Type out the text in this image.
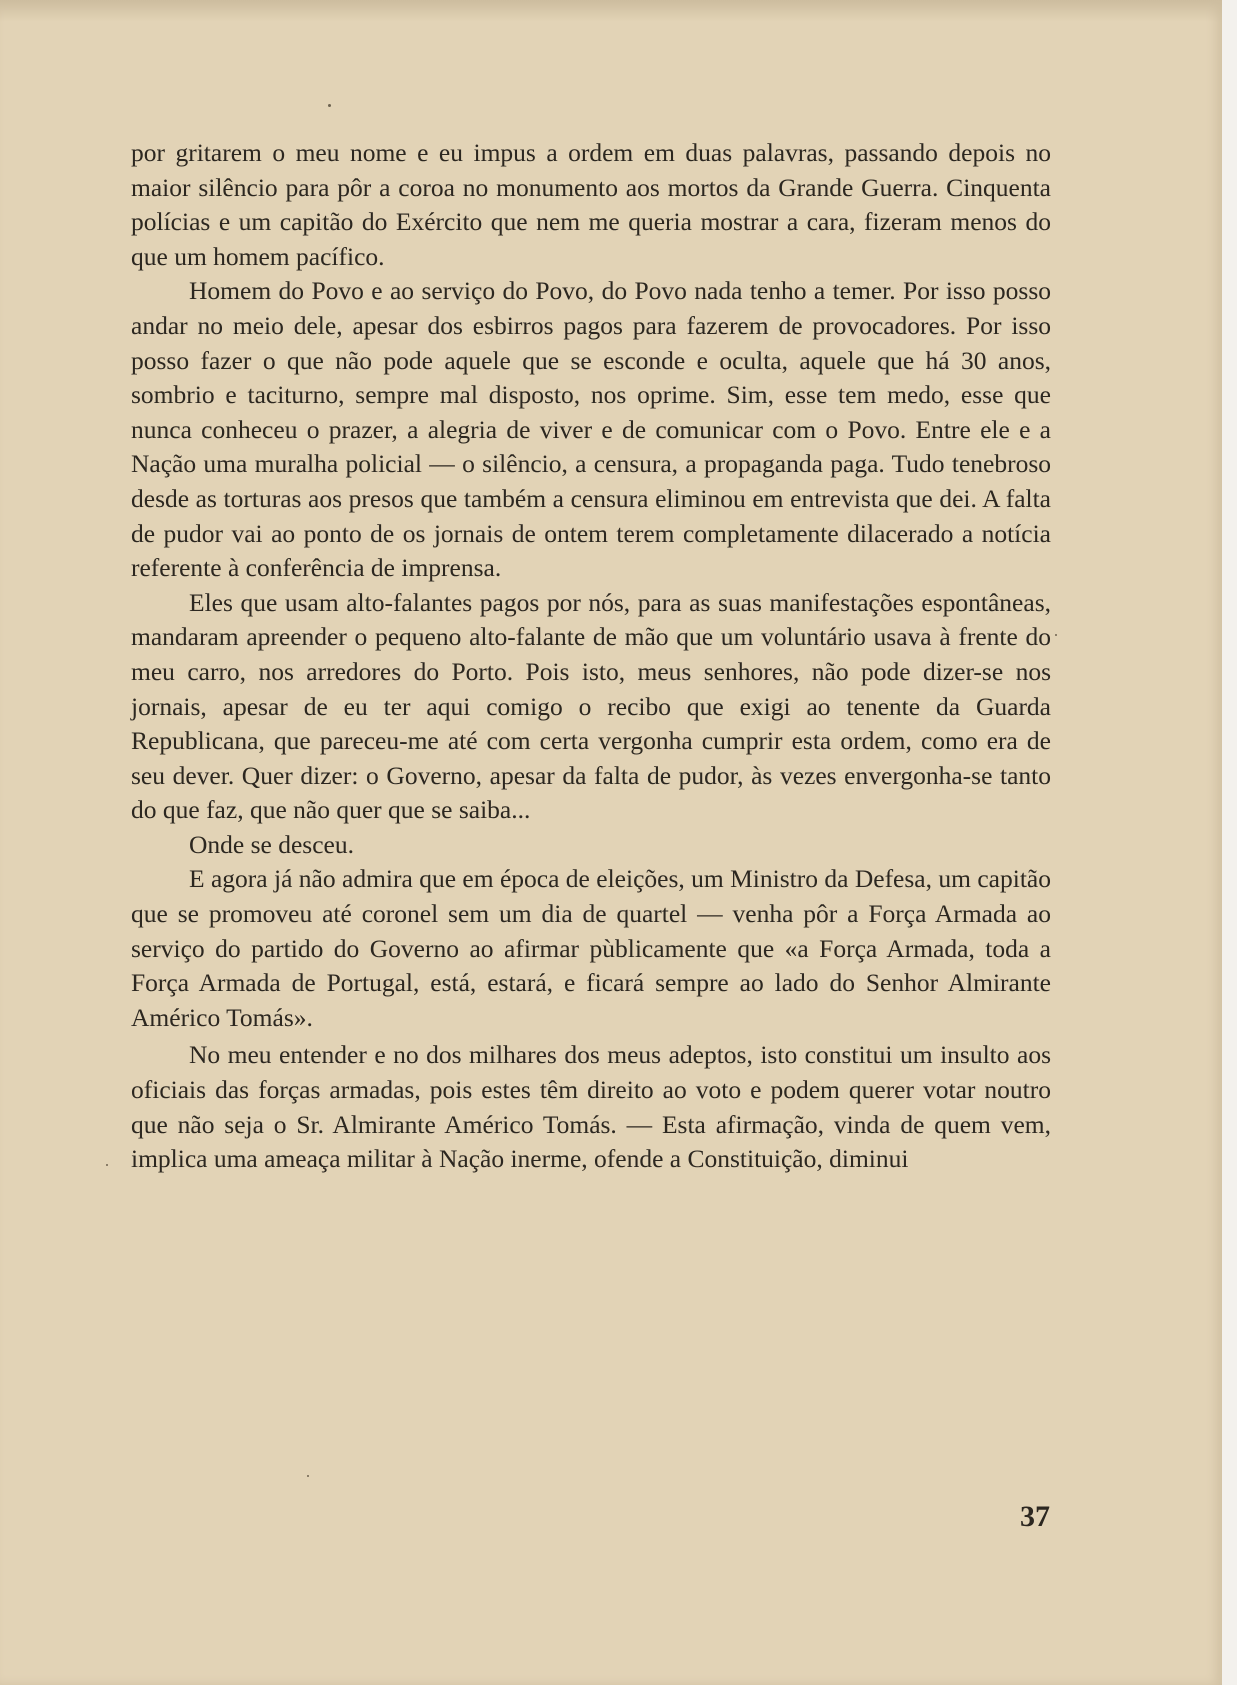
por gritarem o meu nome e eu impus a ordem em duas palavras, passando depois no maior silêncio para pôr a coroa no monumento aos mortos da Grande Guerra. Cinquenta polícias e um capitão do Exército que nem me queria mostrar a cara, fizeram menos do que um homem pacífico.

Homem do Povo e ao serviço do Povo, do Povo nada tenho a temer. Por isso posso andar no meio dele, apesar dos esbirros pagos para fazerem de provocadores. Por isso posso fazer o que não pode aquele que se esconde e oculta, aquele que há 30 anos, sombrio e taciturno, sempre mal disposto, nos oprime. Sim, esse tem medo, esse que nunca conheceu o prazer, a alegria de viver e de comunicar com o Povo. Entre ele e a Nação uma muralha policial — o silêncio, a censura, a propaganda paga. Tudo tenebroso desde as torturas aos presos que também a censura eliminou em entrevista que dei. A falta de pudor vai ao ponto de os jornais de ontem terem completamente dilacerado a notícia referente à conferência de imprensa.

Eles que usam alto-falantes pagos por nós, para as suas manifestações espontâneas, mandaram apreender o pequeno alto-falante de mão que um voluntário usava à frente do meu carro, nos arredores do Porto. Pois isto, meus senhores, não pode dizer-se nos jornais, apesar de eu ter aqui comigo o recibo que exigi ao tenente da Guarda Republicana, que pareceu-me até com certa vergonha cumprir esta ordem, como era de seu dever. Quer dizer: o Governo, apesar da falta de pudor, às vezes envergonha-se tanto do que faz, que não quer que se saiba...

Onde se desceu.

E agora já não admira que em época de eleições, um Ministro da Defesa, um capitão que se promoveu até coronel sem um dia de quartel — venha pôr a Força Armada ao serviço do partido do Governo ao afirmar pùblicamente que «a Força Armada, toda a Força Armada de Portugal, está, estará, e ficará sempre ao lado do Senhor Almirante Américo Tomás».

No meu entender e no dos milhares dos meus adeptos, isto constitui um insulto aos oficiais das forças armadas, pois estes têm direito ao voto e podem querer votar noutro que não seja o Sr. Almirante Américo Tomás. — Esta afirmação, vinda de quem vem, implica uma ameaça militar à Nação inerme, ofende a Constituição, diminui

37
